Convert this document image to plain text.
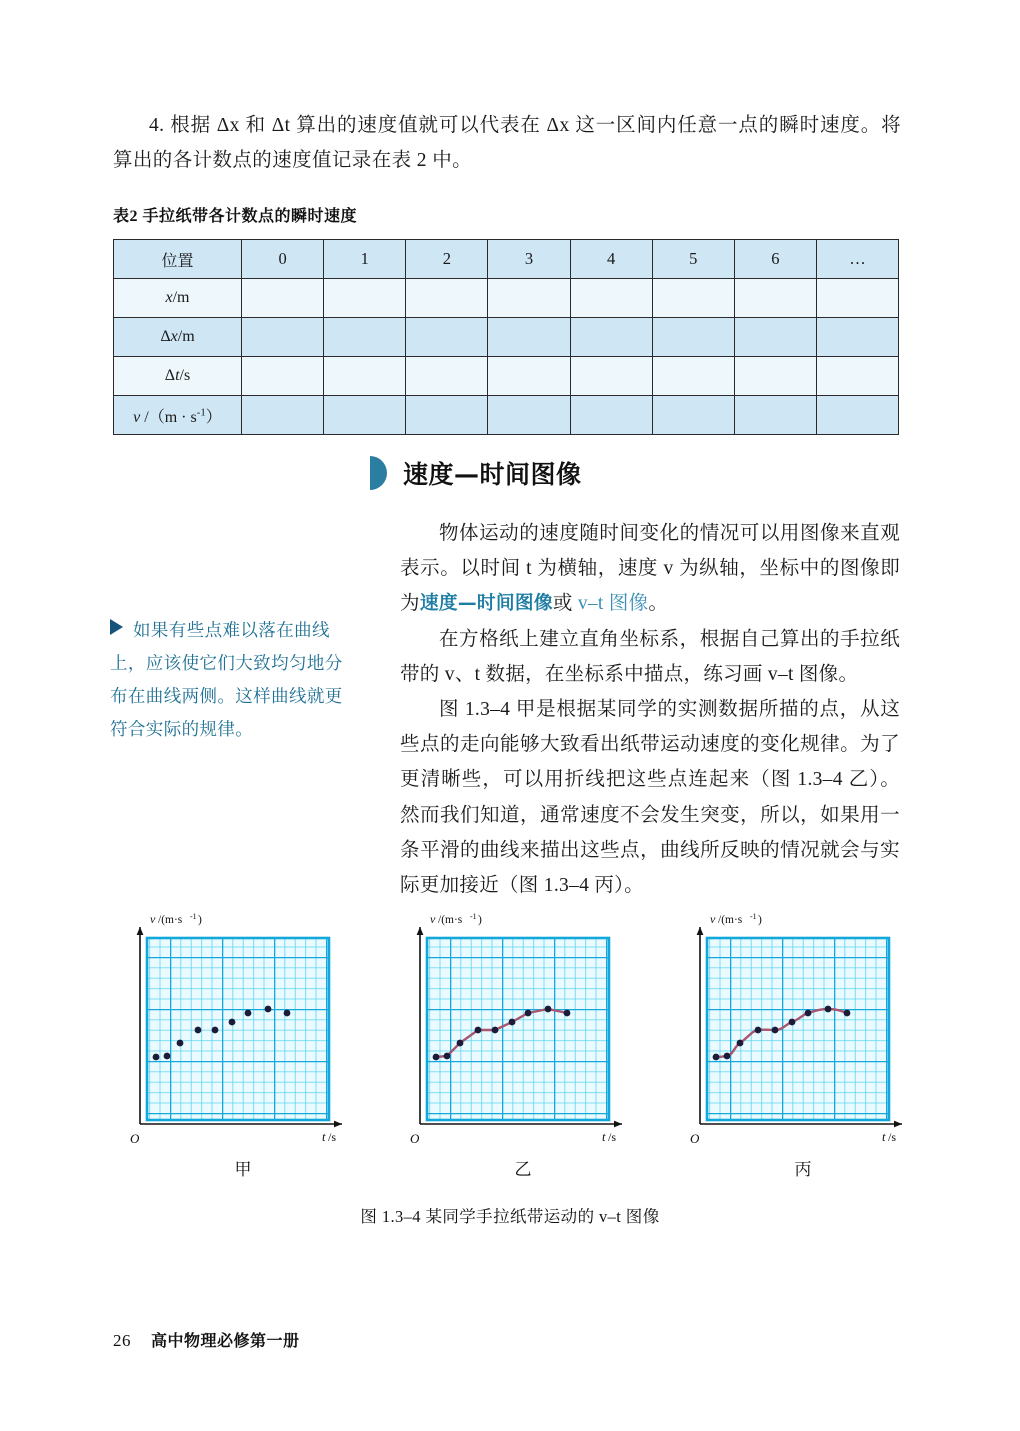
4. 根据 Δx 和 Δt 算出的速度值就可以代表在 Δx 这一区间内任意一点的瞬时速度。将算出的各计数点的速度值记录在表 2 中。
表2 手拉纸带各计数点的瞬时速度
位置	0	1	2	3	4	5	6	…
x/m								
Δx/m								
Δt/s								
v $/(m \cdot s^{-1})$								
速度—时间图像

物体运动的速度随时间变化的情况可以用图像来直观表示。以时间 t 为横轴，速度 v 为纵轴，坐标中的图像即为速度—时间图像或 v–t 图像。

在方格纸上建立直角坐标系，根据自己算出的手拉纸带的 v、t 数据，在坐标系中描点，练习画 v–t 图像。

图 1.3–4 甲是根据某同学的实测数据所描的点，从这些点的走向能够大致看出纸带运动速度的变化规律。为了更清晰些，可以用折线把这些点连起来（图 1.3–4 乙）。然而我们知道，通常速度不会发生突变，所以，如果用一条平滑的曲线来描出这些点，曲线所反映的情况就会与实际更加接近（图 1.3–4 丙）。

如果有些点难以落在曲线上，应该使它们大致均匀地分布在曲线两侧。这样曲线就更符合实际的规律。
v /(m·s -1 )
t /s
O
甲
v /(m·s -1 )
t /s
O
乙
v /(m·s -1 )
t /s
O
丙
图 1.3–4 某同学手拉纸带运动的 v–t 图像
26 高中物理必修第一册
